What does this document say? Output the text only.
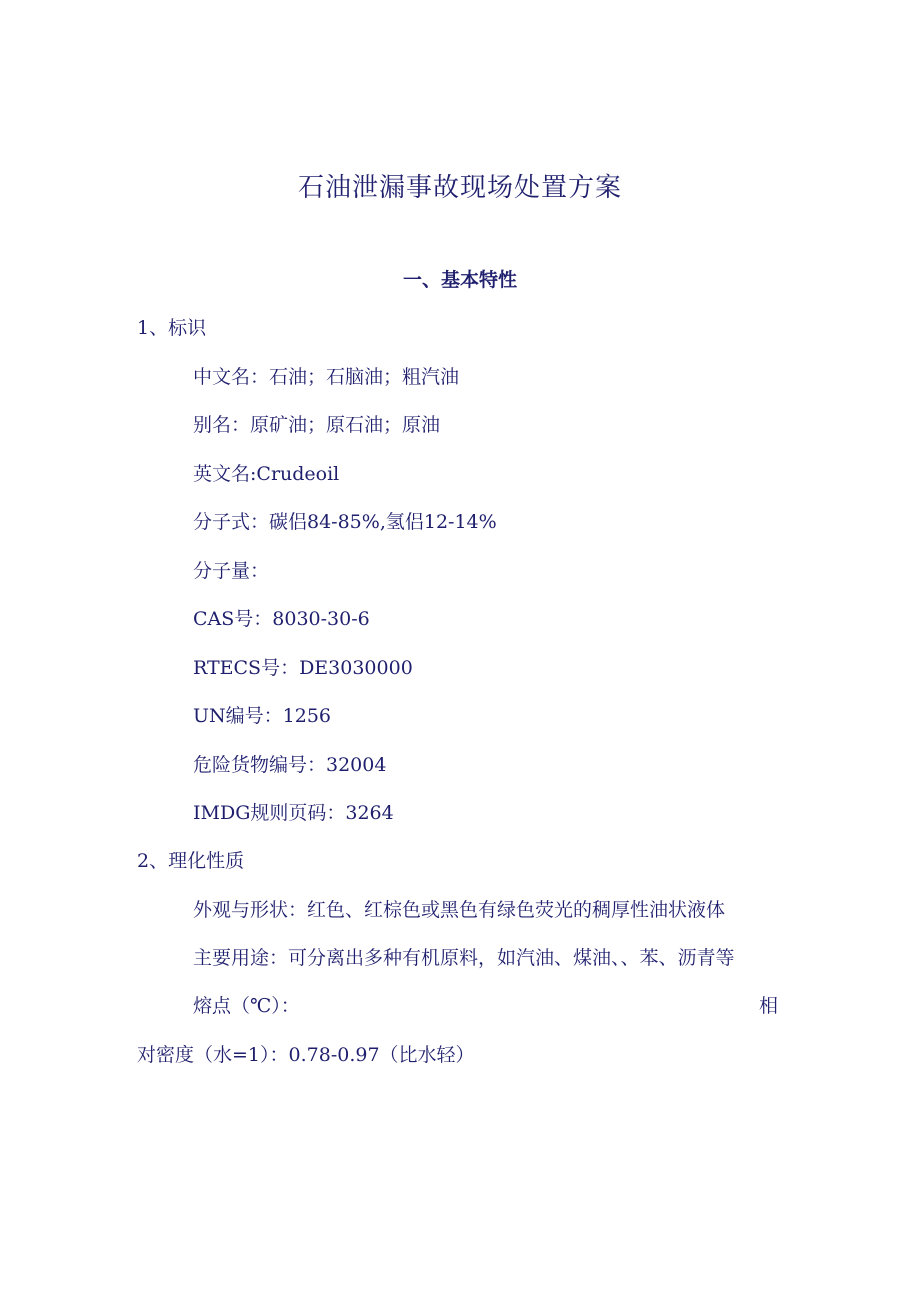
石油泄漏事故现场处置方案
一、基本特性
1、标识
中文名：石油；石脑油；粗汽油
别名：原矿油；原石油；原油
英文名:Crudeoil
分子式：碳侣84-85%,氢侣12-14%
分子量：
CAS号：8030-30-6
RTECS号：DE3030000
UN编号：1256
危险货物编号：32004
IMDG规则页码：3264
2、理化性质
外观与形状：红色、红棕色或黑色有绿色荧光的稠厚性油状液体
主要用途：可分离出多种有机原料，如汽油、煤油、、苯、沥青等
熔点（℃）：	相
对密度（水=1）：0.78-0.97（比水轻）
